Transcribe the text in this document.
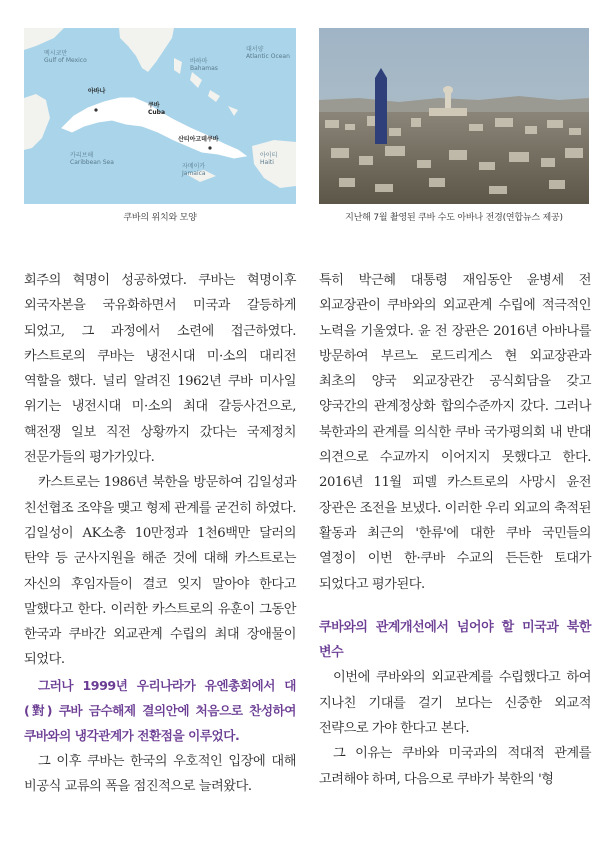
멕시코만
Gulf of Mexico
아바나
바하마
Bahamas
대서양
Atlantic Ocean
쿠바
Cuba
산티아고데쿠바
카리브해
Caribbean Sea
자메이카
Jamaica
아이티
Haiti
쿠바의 위치와 모양	지난해 7월 촬영된 쿠바 수도 아바나 전경(연합뉴스 제공)

회주의 혁명이 성공하였다. 쿠바는 혁명이후 외국자본을 국유화하면서 미국과 갈등하게 되었고, 그 과정에서 소련에 접근하였다. 카스트로의 쿠바는 냉전시대 미·소의 대리전 역할을 했다. 널리 알려진 1962년 쿠바 미사일 위기는 냉전시대 미·소의 최대 갈등사건으로, 핵전쟁 일보 직전 상황까지 갔다는 국제정치 전문가들의 평가가있다.

카스트로는 1986년 북한을 방문하여 김일성과 친선협조 조약을 맺고 형제 관계를 굳건히 하였다. 김일성이 AK소총 10만정과 1천6백만 달러의 탄약 등 군사지원을 해준 것에 대해 카스트로는 자신의 후임자들이 결코 잊지 말아야 한다고 말했다고 한다. 이러한 카스트로의 유훈이 그동안 한국과 쿠바간 외교관계 수립의 최대 장애물이 되었다.

그러나 1999년 우리나라가 유엔총회에서 대(對) 쿠바 금수해제 결의안에 처음으로 찬성하여 쿠바와의 냉각관계가 전환점을 이루었다.

그 이후 쿠바는 한국의 우호적인 입장에 대해 비공식 교류의 폭을 점진적으로 늘려왔다.

특히 박근혜 대통령 재임동안 윤병세 전 외교장관이 쿠바와의 외교관계 수립에 적극적인 노력을 기울였다. 윤 전 장관은 2016년 아바나를 방문하여 부르노 로드리게스 현 외교장관과 최초의 양국 외교장관간 공식회담을 갖고 양국간의 관계정상화 합의수준까지 갔다. 그러나 북한과의 관계를 의식한 쿠바 국가평의회 내 반대 의견으로 수교까지 이어지지 못했다고 한다. 2016년 11월 피델 카스트로의 사망시 윤전 장관은 조전을 보냈다. 이러한 우리 외교의 축적된 활동과 최근의 '한류'에 대한 쿠바 국민들의 열정이 이번 한·쿠바 수교의 든든한 토대가 되었다고 평가된다.

쿠바와의 관계개선에서 넘어야 할 미국과 북한 변수

이번에 쿠바와의 외교관계를 수립했다고 하여 지나친 기대를 걸기 보다는 신중한 외교적 전략으로 가야 한다고 본다.

그 이유는 쿠바와 미국과의 적대적 관계를 고려해야 하며, 다음으로 쿠바가 북한의 '형
